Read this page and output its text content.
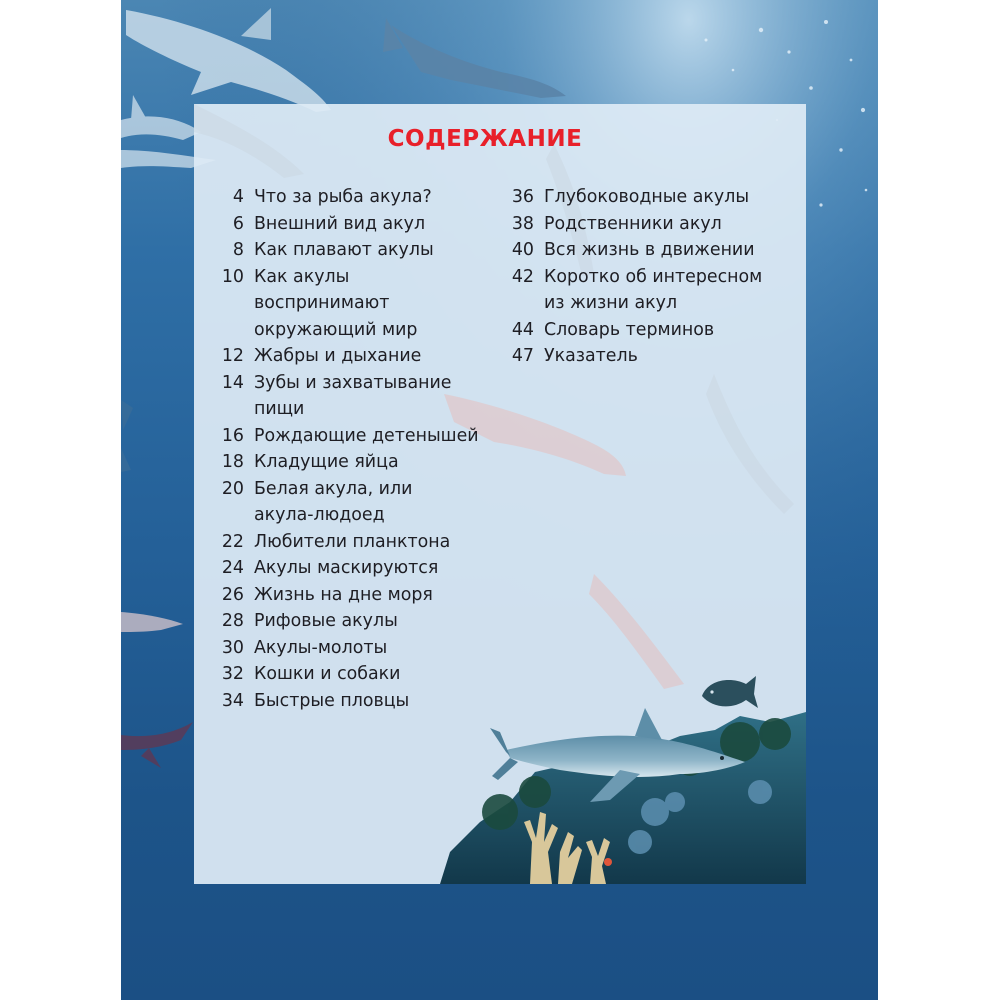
СОДЕРЖАНИЕ
4 Что за рыба акула?
6 Внешний вид акул
8 Как плавают акулы
10 Как акулы
воспринимают
окружающий мир
12 Жабры и дыхание
14 Зубы и захватывание
пищи
16 Рождающие детенышей
18 Кладущие яйца
20 Белая акула, или
акула-людоед
22 Любители планктона
24 Акулы маскируются
26 Жизнь на дне моря
28 Рифовые акулы
30 Акулы-молоты
32 Кошки и собаки
34 Быстрые пловцы
36 Глубоководные акулы
38 Родственники акул
40 Вся жизнь в движении
42 Коротко об интересном
из жизни акул
44 Словарь терминов
47 Указатель
